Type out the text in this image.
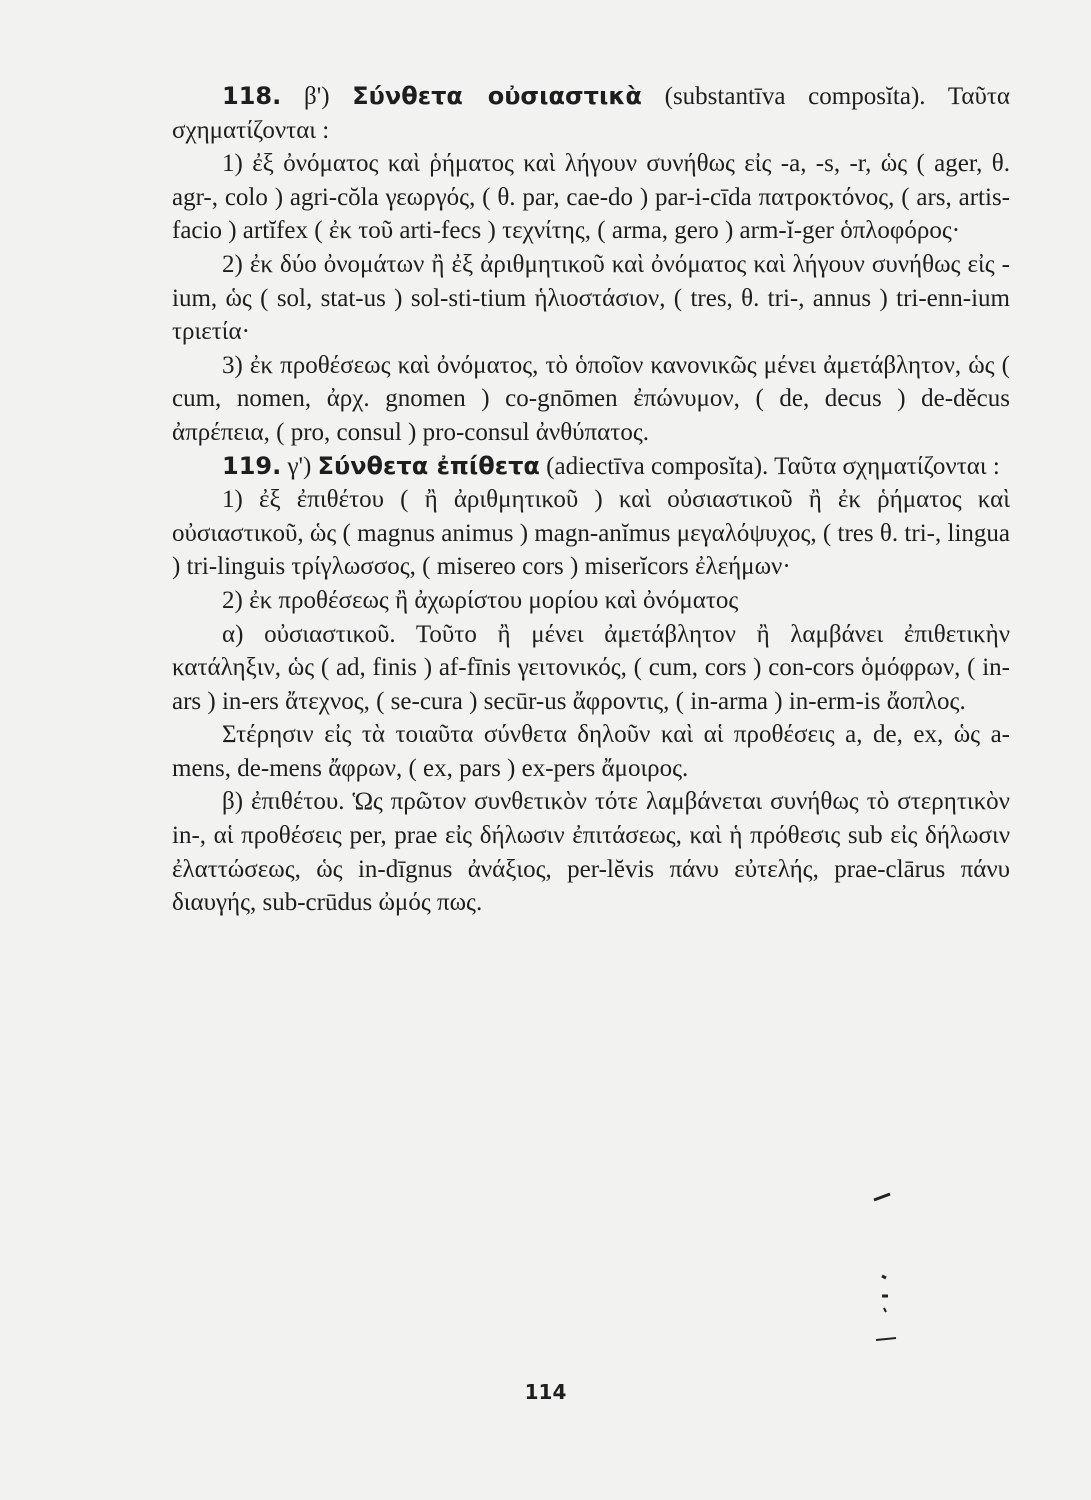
118. β') Σύνθετα οὐσιαστικὰ (substantīva composĭta). Ταῦτα σχηματίζονται :

1) ἐξ ὀνόματος καὶ ῥήματος καὶ λήγουν συνήθως εἰς -a, -s, -r, ὡς ( ager, θ. agr-, colo ) agri-cŏla γεωργός, ( θ. par, cae-do ) par-i-cīda πατροκτόνος, ( ars, artis-facio ) artĭfex ( ἐκ τοῦ arti-fecs ) τεχνίτης, ( arma, gero ) arm-ĭ-ger ὁπλοφόρος·

2) ἐκ δύο ὀνομάτων ἢ ἐξ ἀριθμητικοῦ καὶ ὀνόματος καὶ λήγουν συνήθως εἰς -ium, ὡς ( sol, stat-us ) sol-sti-tium ἡλιοστάσιον, ( tres, θ. tri-, annus ) tri-enn-ium τριετία·

3) ἐκ προθέσεως καὶ ὀνόματος, τὸ ὁποῖον κανονικῶς μένει ἀμετάβλητον, ὡς ( cum, nomen, ἀρχ. gnomen ) co-gnōmen ἐπώνυμον, ( de, decus ) de-dĕcus ἀπρέπεια, ( pro, consul ) pro-consul ἀνθύπατος.

119. γ') Σύνθετα ἐπίθετα (adiectīva composĭta). Ταῦτα σχηματίζονται :

1) ἐξ ἐπιθέτου ( ἢ ἀριθμητικοῦ ) καὶ οὐσιαστικοῦ ἢ ἐκ ῥήματος καὶ οὐσιαστικοῦ, ὡς ( magnus animus ) magn-anĭmus μεγαλόψυχος, ( tres θ. tri-, lingua ) tri-linguis τρίγλωσσος, ( misereo cors ) miserĭcors ἐλεήμων·

2) ἐκ προθέσεως ἢ ἀχωρίστου μορίου καὶ ὀνόματος

α) οὐσιαστικοῦ. Τοῦτο ἢ μένει ἀμετάβλητον ἢ λαμβάνει ἐπιθετικὴν κατάληξιν, ὡς ( ad, finis ) af-fīnis γειτονικός, ( cum, cors ) con-cors ὁμόφρων, ( in-ars ) in-ers ἄτεχνος, ( se-cura ) secūr-us ἄφροντις, ( in-arma ) in-erm-is ἄοπλος.

Στέρησιν εἰς τὰ τοιαῦτα σύνθετα δηλοῦν καὶ αἱ προθέσεις a, de, ex, ὡς a-mens, de-mens ἄφρων, ( ex, pars ) ex-pers ἄμοιρος.

β) ἐπιθέτου. Ὡς πρῶτον συνθετικὸν τότε λαμβάνεται συνήθως τὸ στερητικὸν in-, αἱ προθέσεις per, prae εἰς δήλωσιν ἐπιτάσεως, καὶ ἡ πρόθεσις sub εἰς δήλωσιν ἐλαττώσεως, ὡς in-dīgnus ἀνάξιος, per-lĕvis πάνυ εὐτελής, prae-clārus πάνυ διαυγής, sub-crūdus ὠμός πως.

114
